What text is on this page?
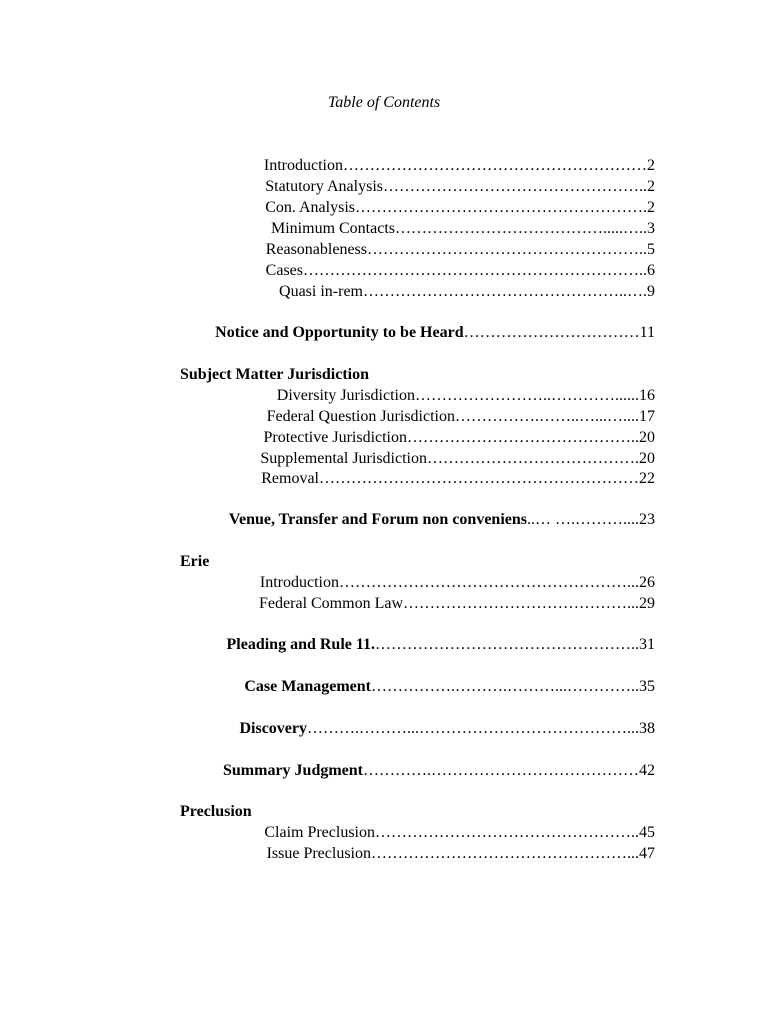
Table of Contents
Introduction…………………………………………………2
Statutory Analysis…………………………………………..2
Con. Analysis……………………………………………….2
Minimum Contacts………………………………….....…..3
Reasonableness……………………………………………..5
Cases………………………………………………………..6
Quasi in-rem…………………………………………..….9
Notice and Opportunity to be Heard……………………………11
Subject Matter Jurisdiction
Diversity Jurisdiction……………………..…………......16
Federal Question Jurisdiction…………….……..…...…....17
Protective Jurisdiction……………………………………..20
Supplemental Jurisdiction………………………………….20
Removal……………………………………………………22
Venue, Transfer and Forum non conveniens..… ….………....23
Erie
Introduction………………………………………………...26
Federal Common Law……………………………………...29
Pleading and Rule 11.…………………………………………..31
Case Management…………….……….………...…………..35
Discovery……….………...…………………………………...38
Summary Judgment………….…………………………………42
Preclusion
Claim Preclusion…………………………………………..45
Issue Preclusion…………………………………………...47
